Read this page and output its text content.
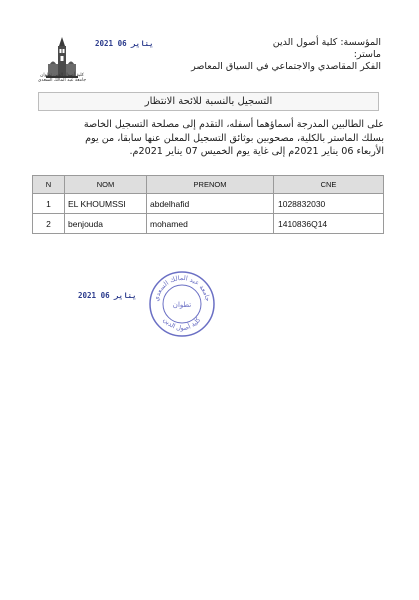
كلية أصول الدين تطوان
جامعة عبد المالك السعدي
2021 يناير 06	المؤسسة: كلية أصول الدين
ماستر:
الفكر المقاصدي والاجتماعي في السياق المعاصر
التسجيل بالنسبة للائحة الانتظار
على الطالبين المدرجة أسماؤهما أسفله، التقدم إلى مصلحة التسجيل الخاصة
بسلك الماستر بالكلية، مصحوبين بوثائق التسجيل المعلن عنها سابقا، من يوم
الأربعاء 06 يناير 2021م إلى غاية يوم الخميس 07 يناير 2021م.
N	NOM	PRENOM	CNE
1	EL KHOUMSSI	abdelhafid	1028832030
2	benjouda	mohamed	1410836Q14
2021 يناير 06 جامعة عبد المالك السعدي
تطوان
كلية أصول الدين
